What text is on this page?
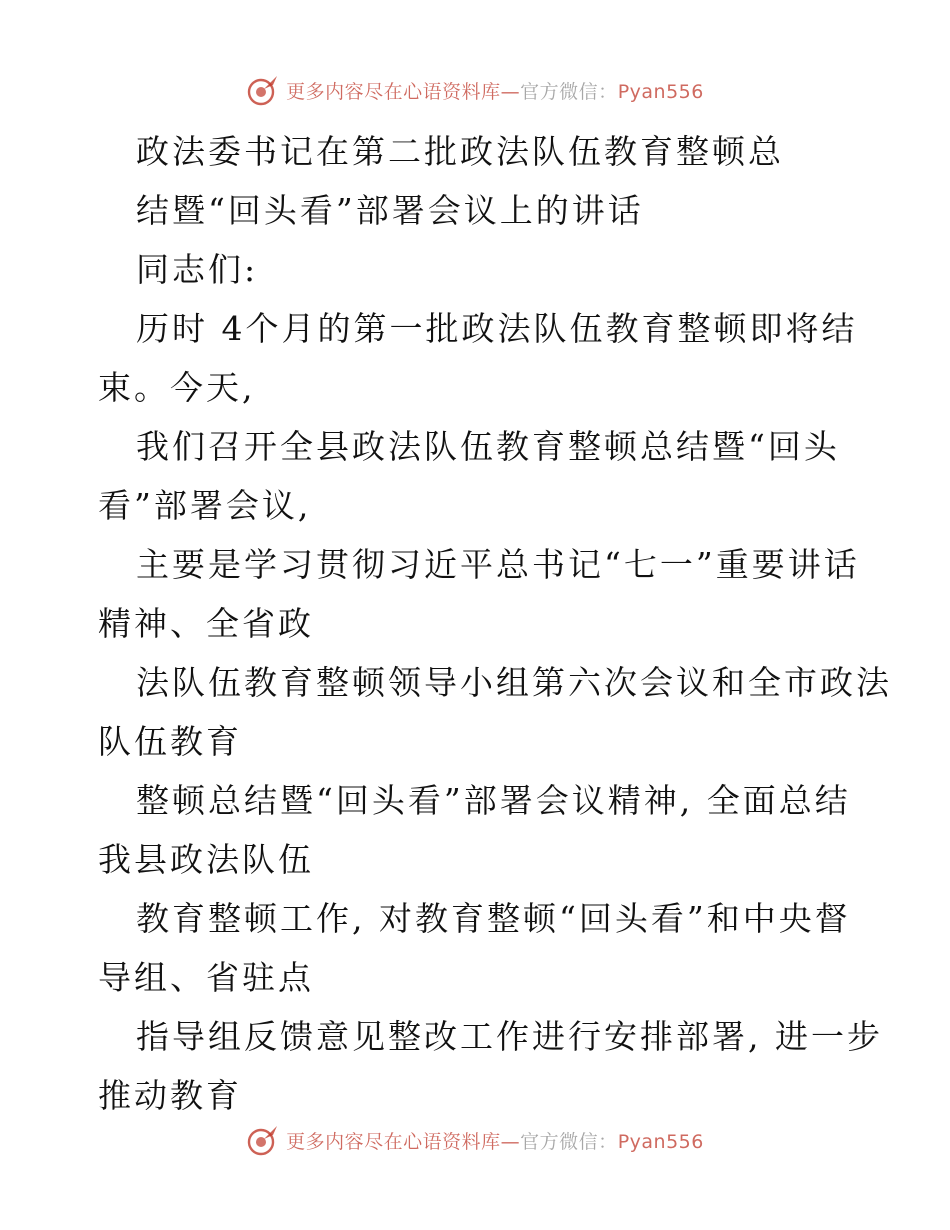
更多内容尽在心语资料库—官方微信：Pyan556
政法委书记在第二批政法队伍教育整顿总
结暨“回头看”部署会议上的讲话
同志们:
历时 4个月的第一批政法队伍教育整顿即将结
束。今天,
我们召开全县政法队伍教育整顿总结暨“回头
看”部署会议,
主要是学习贯彻习近平总书记“七一”重要讲话
精神、全省政
法队伍教育整顿领导小组第六次会议和全市政法
队伍教育
整顿总结暨“回头看”部署会议精神, 全面总结
我县政法队伍
教育整顿工作, 对教育整顿“回头看”和中央督
导组、省驻点
指导组反馈意见整改工作进行安排部署, 进一步
推动教育
更多内容尽在心语资料库—官方微信：Pyan556
